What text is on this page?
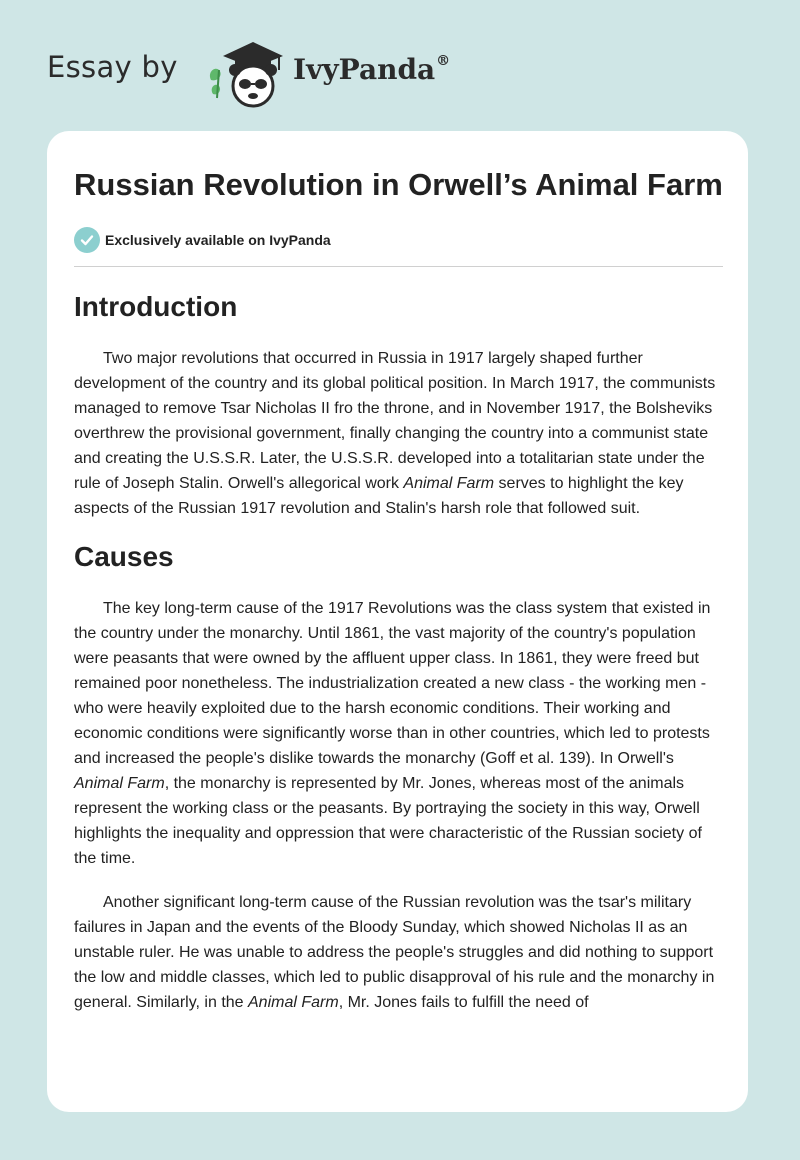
Essay by	IvyPanda®
Russian Revolution in Orwell’s Animal Farm
Exclusively available on IvyPanda
Introduction

Two major revolutions that occurred in Russia in 1917 largely shaped further development of the country and its global political position. In March 1917, the communists managed to remove Tsar Nicholas II fro the throne, and in November 1917, the Bolsheviks overthrew the provisional government, finally changing the country into a communist state and creating the U.S.S.R. Later, the U.S.S.R. developed into a totalitarian state under the rule of Joseph Stalin. Orwell's allegorical work Animal Farm serves to highlight the key aspects of the Russian 1917 revolution and Stalin's harsh role that followed suit.

Causes

The key long-term cause of the 1917 Revolutions was the class system that existed in the country under the monarchy. Until 1861, the vast majority of the country's population were peasants that were owned by the affluent upper class. In 1861, they were freed but remained poor nonetheless. The industrialization created a new class - the working men - who were heavily exploited due to the harsh economic conditions. Their working and economic conditions were significantly worse than in other countries, which led to protests and increased the people's dislike towards the monarchy (Goff et al. 139). In Orwell's Animal Farm, the monarchy is represented by Mr. Jones, whereas most of the animals represent the working class or the peasants. By portraying the society in this way, Orwell highlights the inequality and oppression that were characteristic of the Russian society of the time.

Another significant long-term cause of the Russian revolution was the tsar's military failures in Japan and the events of the Bloody Sunday, which showed Nicholas II as an unstable ruler. He was unable to address the people's struggles and did nothing to support the low and middle classes, which led to public disapproval of his rule and the monarchy in general. Similarly, in the Animal Farm, Mr. Jones fails to fulfill the need of
